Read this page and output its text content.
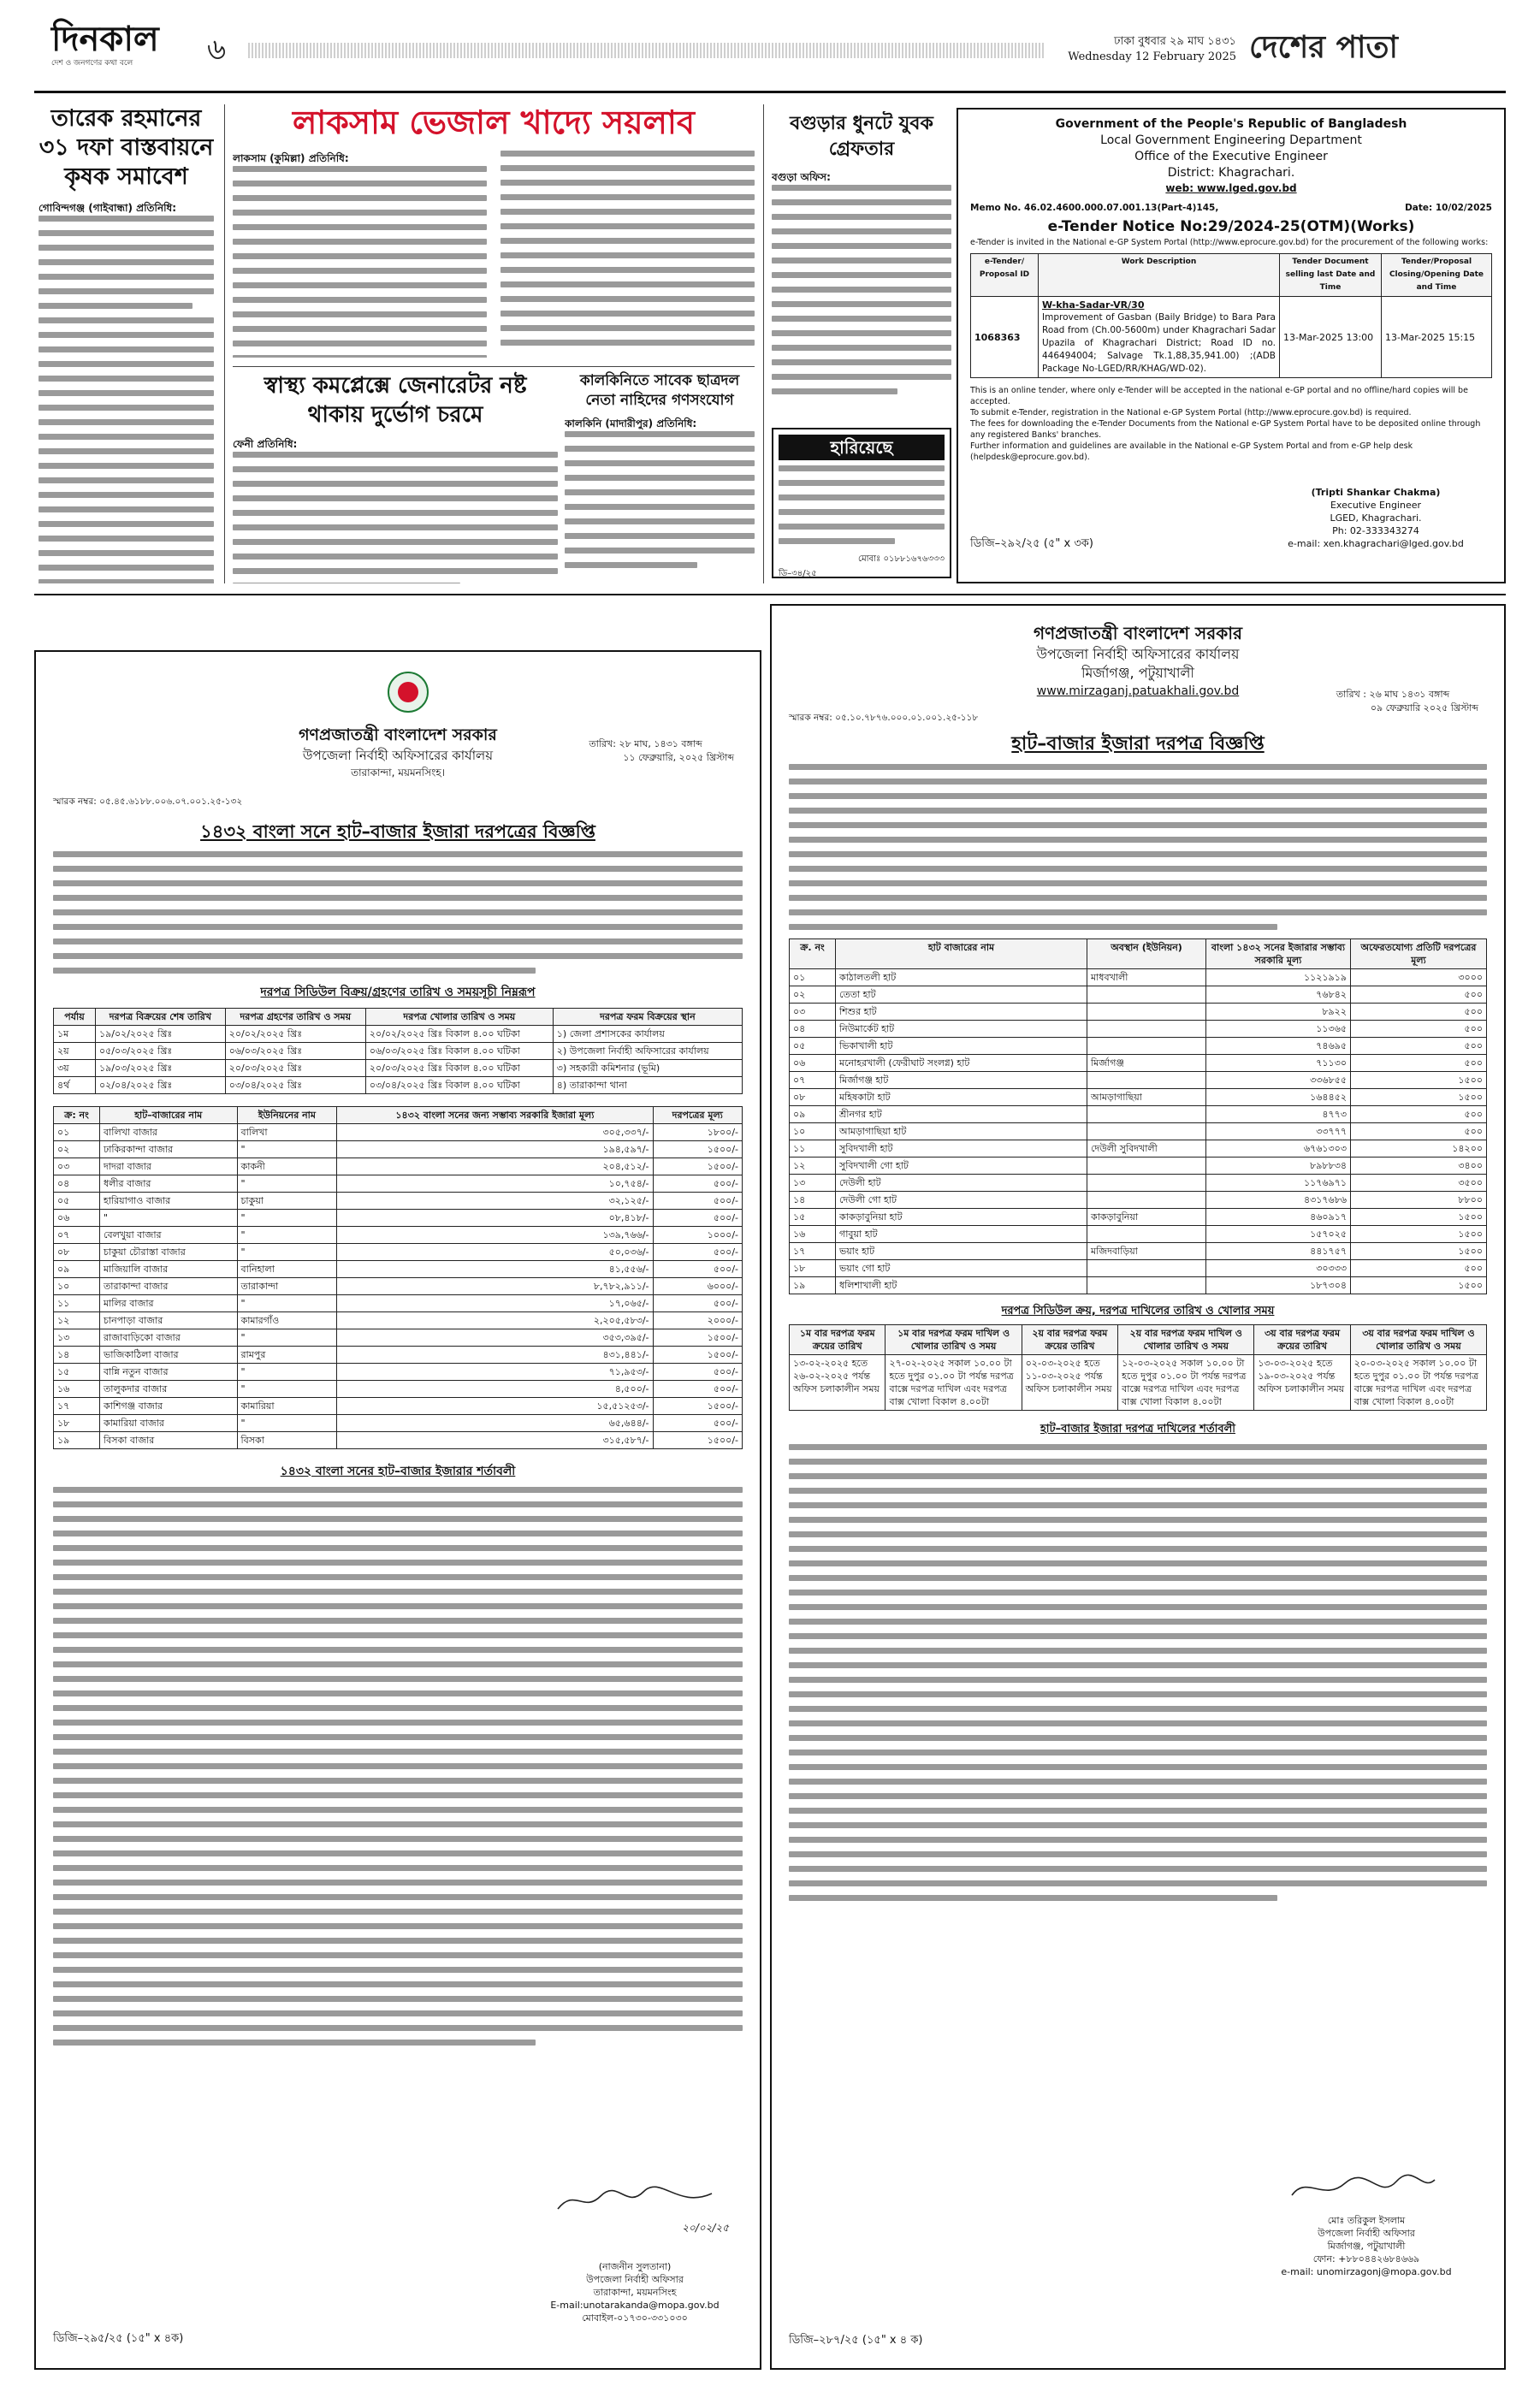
দিনকাল
দেশ ও জনগণের কথা বলে	৬	ঢাকা বুধবার ২৯ মাঘ ১৪৩১
Wednesday 12 February 2025 দেশের পাতা
তারেক রহমানের ৩১ দফা বাস্তবায়নে কৃষক সমাবেশ
গোবিন্দগঞ্জ (গাইবান্ধা) প্রতিনিধি:
লাকসাম ভেজাল খাদ্যে সয়লাব
লাকসাম (কুমিল্লা) প্রতিনিধি:
স্বাস্থ্য কমপ্লেক্সে জেনারেটর নষ্ট থাকায় দুর্ভোগ চরমে
ফেনী প্রতিনিধি:
কালকিনিতে সাবেক ছাত্রদল নেতা নাহিদের গণসংযোগ
কালকিনি (মাদারীপুর) প্রতিনিধি:
বগুড়ার ধুনটে যুবক গ্রেফতার
বগুড়া অফিস:
হারিয়েছে
মোবাঃ ০১৮৮১৬৭৬৩৩৩
ডি–৩৪/২৫
Government of the People's Republic of Bangladesh
Local Government Engineering Department
Office of the Executive Engineer
District: Khagrachari.
web: www.lged.gov.bd
Memo No. 46.02.4600.000.07.001.13(Part-4)145,	Date: 10/02/2025
e-Tender Notice No:29/2024-25(OTM)(Works)
e-Tender is invited in the National e-GP System Portal (http://www.eprocure.gov.bd) for the procurement of the following works:
e-Tender/ Proposal ID	Work Description	Tender Document selling last Date and Time	Tender/Proposal Closing/Opening Date and Time
1068363	W-kha-Sadar-VR/30
Improvement of Gasban (Baily Bridge) to Bara Para Road from (Ch.00-5600m) under Khagrachari Sadar Upazila of Khagrachari District; Road ID no. 446494004; Salvage Tk.1,88,35,941.00) ;(ADB Package No-LGED/RR/KHAG/WD-02).	13-Mar-2025 13:00	13-Mar-2025 15:15
This is an online tender, where only e-Tender will be accepted in the national e-GP portal and no offline/hard copies will be accepted.
To submit e-Tender, registration in the National e-GP System Portal (http://www.eprocure.gov.bd) is required.
The fees for downloading the e-Tender Documents from the National e-GP System Portal have to be deposited online through any registered Banks' branches.
Further information and guidelines are available in the National e-GP System Portal and from e-GP help desk (helpdesk@eprocure.gov.bd).
(Tripti Shankar Chakma)
Executive Engineer
LGED, Khagrachari.
Ph: 02-333343274
e-mail: xen.khagrachari@lged.gov.bd
ডিজি–২৯২/২৫ (৫" x ৩ক)
গণপ্রজাতন্ত্রী বাংলাদেশ সরকার
উপজেলা নির্বাহী অফিসারের কার্যালয়
তারাকান্দা, ময়মনসিংহ।
তারিখ: ২৮ মাঘ, ১৪৩১ বঙ্গাব্দ
১১ ফেব্রুয়ারি, ২০২৫ খ্রিস্টাব্দ
স্মারক নম্বর: ০৫.৪৫.৬১৮৮.০০৬.০৭.০০১.২৫-১৩২
১৪৩২ বাংলা সনে হাট–বাজার ইজারা দরপত্রের বিজ্ঞপ্তি
দরপত্র সিডিউল বিক্রয়/গ্রহণের তারিখ ও সময়সূচী নিম্নরূপ
পর্যায়	দরপত্র বিক্রয়ের শেষ তারিখ	দরপত্র গ্রহণের তারিখ ও সময়	দরপত্র খোলার তারিখ ও সময়	দরপত্র ফরম বিক্রয়ের স্থান
১ম	১৯/০২/২০২৫ খ্রিঃ	২০/০২/২০২৫ খ্রিঃ	২০/০২/২০২৫ খ্রিঃ বিকাল ৪.০০ ঘটিকা	১) জেলা প্রশাসকের কার্যালয়
২য়	০৫/০৩/২০২৫ খ্রিঃ	০৬/০৩/২০২৫ খ্রিঃ	০৬/০৩/২০২৫ খ্রিঃ বিকাল ৪.০০ ঘটিকা	২) উপজেলা নির্বাহী অফিসারের কার্যালয়
৩য়	১৯/০৩/২০২৫ খ্রিঃ	২০/০৩/২০২৫ খ্রিঃ	২০/০৩/২০২৫ খ্রিঃ বিকাল ৪.০০ ঘটিকা	৩) সহকারী কমিশনার (ভূমি)
৪র্থ	০২/০৪/২০২৫ খ্রিঃ	০৩/০৪/২০২৫ খ্রিঃ	০৩/০৪/২০২৫ খ্রিঃ বিকাল ৪.০০ ঘটিকা	৪) তারাকান্দা থানা
ক্র: নং	হাট–বাজারের নাম	ইউনিয়নের নাম	১৪৩২ বাংলা সনের জন্য সম্ভাব্য সরকারি ইজারা মূল্য	দরপত্রের মূল্য
০১	বালিখা বাজার	বালিখা	৩০৫,৩৩৭/-	১৮০০/-
০২	ঢাকিরকান্দা বাজার	"	১৯৪,৫৯৭/-	১৫০০/-
০৩	দাদরা বাজার	কাকনী	২০৪,৫১২/-	১৫০০/-
০৪	ধলীর বাজার	"	১০,৭৫৪/-	৫০০/-
০৫	হারিয়াগাও বাজার	চাকুয়া	৩২,১২৫/-	৫০০/-
০৬	"	"	০৮,৪১৮/-	৫০০/-
০৭	বেলখুয়া বাজার	"	১৩৯,৭৬৬/-	১০০০/-
০৮	চাকুয়া চৌরাস্তা বাজার	"	৫০,০৩৬/-	৫০০/-
০৯	মাজিয়ালি বাজার	বানিহালা	৪১,৫৫৬/-	৫০০/-
১০	তারাকান্দা বাজার	তারাকান্দা	৮,৭৮২,৯১১/-	৬০০০/-
১১	মালির বাজার	"	১৭,০৬৫/-	৫০০/-
১২	চানপাড়া বাজার	কামারগাঁও	২,২০৫,৫৮৩/-	২০০০/-
১৩	রাজাবাড়িকো বাজার	"	৩৫৩,৩৯৫/-	১৫০০/-
১৪	ভাজিকাঠিলা বাজার	রামপুর	৪৩১,৪৪১/-	১৫০০/-
১৫	বান্নি নতুন বাজার	"	৭১,৯৫৩/-	৫০০/-
১৬	তালুকদার বাজার	"	৪,৫০০/-	৫০০/-
১৭	কাশিগঞ্জ বাজার	কামারিয়া	১৫,৫১২৫৩/-	১৫০০/-
১৮	কামারিয়া বাজার	"	৬৫,৬৪৪/-	৫০০/-
১৯	বিসকা বাজার	বিসকা	৩১৫,৫৮৭/-	১৫০০/-
১৪৩২ বাংলা সনের হাট–বাজার ইজারার শর্তাবলী
২০/০২/২৫
(নাজনীন সুলতানা)
উপজেলা নির্বাহী অফিসার
তারাকান্দা, ময়মনসিংহ
E-mail:unotarakanda@mopa.gov.bd
মোবাইল-০১৭৩০-৩৩১০৩০
ডিজি–২৯৫/২৫ (১৫" x ৪ক)
গণপ্রজাতন্ত্রী বাংলাদেশ সরকার
উপজেলা নির্বাহী অফিসারের কার্যালয়
মির্জাগঞ্জ, পটুয়াখালী
www.mirzaganj.patuakhali.gov.bd	তারিখ : ২৬ মাঘ ১৪৩১ বঙ্গাব্দ
০৯ ফেব্রুয়ারি ২০২৫ খ্রিস্টাব্দ
স্মারক নম্বর: ০৫.১০.৭৮৭৬.০০০.০১.০০১.২৫-১১৮
হাট–বাজার ইজারা দরপত্র বিজ্ঞপ্তি
ক্র. নং	হাট বাজারের নাম	অবস্থান (ইউনিয়ন)	বাংলা ১৪৩২ সনের ইজারার সম্ভাব্য সরকারি মূল্য	অফেরতযোগ্য প্রতিটি দরপত্রের মূল্য
০১	কাঠালতলী হাট	মাধবখালী	১১২১৯১৯	৩০০০
০২	তেতা হাট		৭৬৮৪২	৫০০
০৩	শিশুর হাট		৮৯২২	৫০০
০৪	নিউমার্কেট হাট		১১৩৬৫	৫০০
০৫	ভিকাখালী হাট		৭৪৬৯৫	৫০০
০৬	মনোহরখালী (ফেরীঘাট সংলগ্ন) হাট	মির্জাগঞ্জ	৭১১৩০	৫০০
০৭	মির্জাগঞ্জ হাট		৩৩৬৮৫৫	১৫০০
০৮	মহিষকাটা হাট	আমড়াগাছিয়া	১৬৪৪৫২	১৫০০
০৯	শ্রীনগর হাট		৪৭৭৩	৫০০
১০	আমড়াগাছিয়া হাট		৩৩৭৭৭	৫০০
১১	সুবিদখালী হাট	দেউলী সুবিদখালী	৬৭৬১৩০৩	১৪২০০
১২	সুবিদখালী গো হাট		৮৯৮৮৩৪	৩৪০০
১৩	দেউলী হাট		১১৭৬৯৭১	৩৫০০
১৪	দেউলী গো হাট		৪৩১৭৬৮৬	৮৮০০
১৫	কাকড়াবুনিয়া হাট	কাকড়াবুনিয়া	৪৬০৯১৭	১৫০০
১৬	গাবুয়া হাট		১৫৭০২৫	১৫০০
১৭	ভয়াং হাট	মজিদবাড়িয়া	৪৪১৭৫৭	১৫০০
১৮	ভয়াং গো হাট		৩০৩৩৩	৫০০
১৯	ধলিশাখালী হাট		১৮৭৩০৪	১৫০০
দরপত্র সিডিউল ক্রয়, দরপত্র দাখিলের তারিখ ও খোলার সময়
১ম বার দরপত্র ফরম ক্রয়ের তারিখ	১ম বার দরপত্র ফরম দাখিল ও খোলার তারিখ ও সময়	২য় বার দরপত্র ফরম ক্রয়ের তারিখ	২য় বার দরপত্র ফরম দাখিল ও খোলার তারিখ ও সময়	৩য় বার দরপত্র ফরম ক্রয়ের তারিখ	৩য় বার দরপত্র ফরম দাখিল ও খোলার তারিখ ও সময়
১৩-০২-২০২৫ হতে ২৬-০২-২০২৫ পর্যন্ত অফিস চলাকালীন সময়	২৭-০২-২০২৫ সকাল ১০.০০ টা হতে দুপুর ০১.০০ টা পর্যন্ত দরপত্র বাক্সে দরপত্র দাখিল এবং দরপত্র বাক্স খোলা বিকাল ৪.০০টা	০২-০৩-২০২৫ হতে ১১-০৩-২০২৫ পর্যন্ত অফিস চলাকালীন সময়	১২-০৩-২০২৫ সকাল ১০.০০ টা হতে দুপুর ০১.০০ টা পর্যন্ত দরপত্র বাক্সে দরপত্র দাখিল এবং দরপত্র বাক্স খোলা বিকাল ৪.০০টা	১৩-০৩-২০২৫ হতে ১৯-০৩-২০২৫ পর্যন্ত অফিস চলাকালীন সময়	২০-০৩-২০২৫ সকাল ১০.০০ টা হতে দুপুর ০১.০০ টা পর্যন্ত দরপত্র বাক্সে দরপত্র দাখিল এবং দরপত্র বাক্স খোলা বিকাল ৪.০০টা
হাট–বাজার ইজারা দরপত্র দাখিলের শর্তাবলী
মোঃ তরিকুল ইসলাম
উপজেলা নির্বাহী অফিসার
মির্জাগঞ্জ, পটুয়াখালী
ফোন: +৮৮০৪৪২৬৮৪৬৬৯
e-mail: unomirzagonj@mopa.gov.bd
ডিজি–২৮৭/২৫ (১৫" x ৪ ক)
